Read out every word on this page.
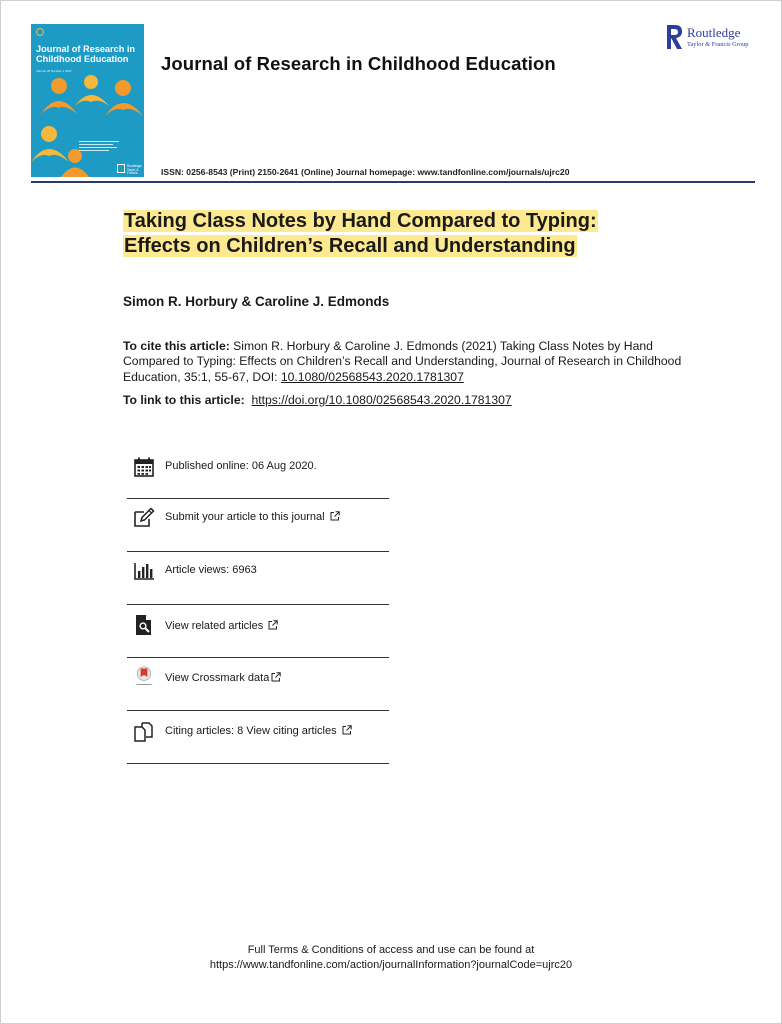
Journal of Research in Childhood Education
Volume 35 Number 1 2021
Routledge Taylor & Francis
Journal of Research in Childhood Education
Routledge
Taylor & Francis Group
ISSN: 0256-8543 (Print) 2150-2641 (Online) Journal homepage: www.tandfonline.com/journals/ujrc20
Taking Class Notes by Hand Compared to Typing:
Effects on Children’s Recall and Understanding
Simon R. Horbury & Caroline J. Edmonds
To cite this article: Simon R. Horbury & Caroline J. Edmonds (2021) Taking Class Notes by Hand Compared to Typing: Effects on Children’s Recall and Understanding, Journal of Research in Childhood Education, 35:1, 55-67, DOI: 10.1080/02568543.2020.1781307
To link to this article:  https://doi.org/10.1080/02568543.2020.1781307
Published online: 06 Aug 2020.
Submit your article to this journal
Article views: 6963
View related articles
View Crossmark data
Citing articles: 8 View citing articles
Full Terms & Conditions of access and use can be found at
https://www.tandfonline.com/action/journalInformation?journalCode=ujrc20
